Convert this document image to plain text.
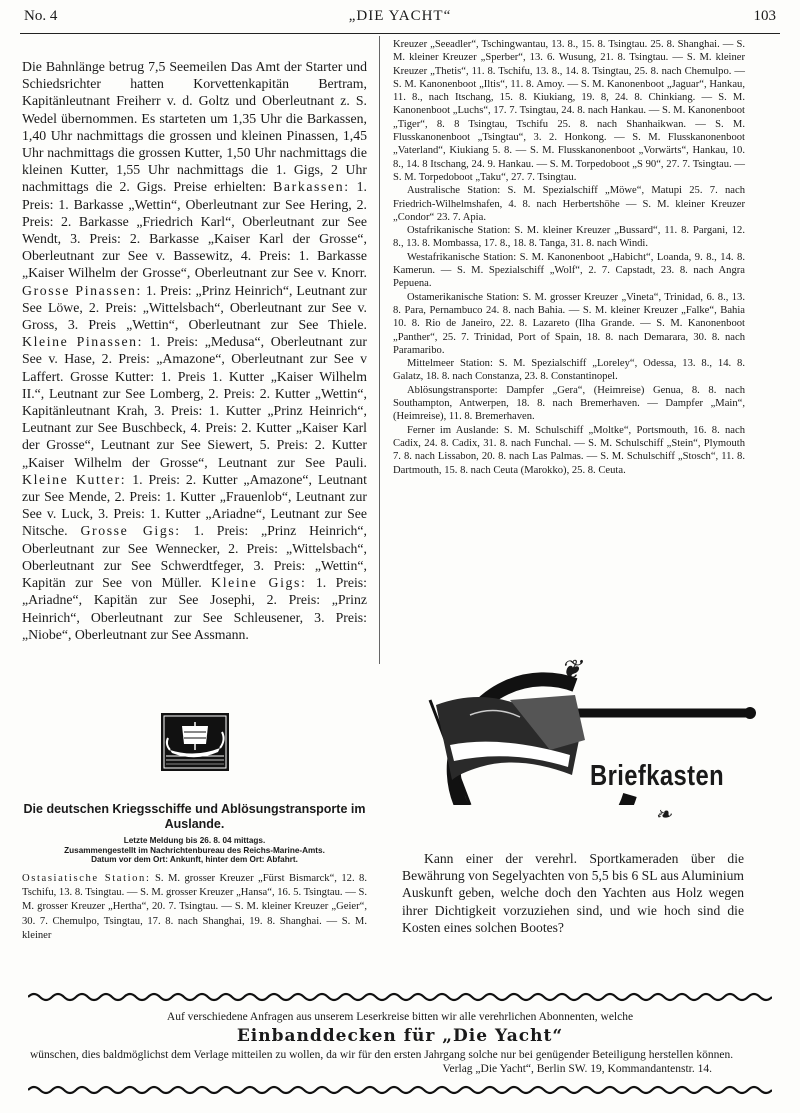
No. 4	„DIE YACHT“	103

Die Bahnlänge betrug 7,5 Seemeilen Das Amt der Starter und Schiedsrichter hatten Korvettenkapitän Bertram, Kapitänleutnant Freiherr v. d. Goltz und Oberleutnant z. S. Wedel übernommen. Es starteten um 1,35 Uhr die Barkassen, 1,40 Uhr nachmittags die grossen und kleinen Pinassen, 1,45 Uhr nachmittags die grossen Kutter, 1,50 Uhr nachmittags die kleinen Kutter, 1,55 Uhr nachmittags die 1. Gigs, 2 Uhr nachmittags die 2. Gigs. Preise erhielten: Barkassen: 1. Preis: 1. Barkasse „Wettin“, Oberleutnant zur See Hering, 2. Preis: 2. Barkasse „Friedrich Karl“, Oberleutnant zur See Wendt, 3. Preis: 2. Barkasse „Kaiser Karl der Grosse“, Oberleutnant zur See v. Bassewitz, 4. Preis: 1. Barkasse „Kaiser Wilhelm der Grosse“, Oberleutnant zur See v. Knorr. Grosse Pinassen: 1. Preis: „Prinz Heinrich“, Leutnant zur See Löwe, 2. Preis: „Wittelsbach“, Oberleutnant zur See v. Gross, 3. Preis „Wettin“, Oberleutnant zur See Thiele. Kleine Pinassen: 1. Preis: „Medusa“, Oberleutnant zur See v. Hase, 2. Preis: „Amazone“, Oberleutnant zur See v Laffert. Grosse Kutter: 1. Preis 1. Kutter „Kaiser Wilhelm II.“, Leutnant zur See Lomberg, 2. Preis: 2. Kutter „Wettin“, Kapitänleutnant Krah, 3. Preis: 1. Kutter „Prinz Heinrich“, Leutnant zur See Buschbeck, 4. Preis: 2. Kutter „Kaiser Karl der Grosse“, Leutnant zur See Siewert, 5. Preis: 2. Kutter „Kaiser Wilhelm der Grosse“, Leutnant zur See Pauli. Kleine Kutter: 1. Preis: 2. Kutter „Amazone“, Leutnant zur See Mende, 2. Preis: 1. Kutter „Frauenlob“, Leutnant zur See v. Luck, 3. Preis: 1. Kutter „Ariadne“, Leutnant zur See Nitsche. Grosse Gigs: 1. Preis: „Prinz Heinrich“, Oberleutnant zur See Wennecker, 2. Preis: „Wittelsbach“, Oberleutnant zur See Schwerdtfeger, 3. Preis: „Wettin“, Kapitän zur See von Müller. Kleine Gigs: 1. Preis: „Ariadne“, Kapitän zur See Josephi, 2. Preis: „Prinz Heinrich“, Oberleutnant zur See Schleusener, 3. Preis: „Niobe“, Oberleutnant zur See Assmann.

Die deutschen Kriegsschiffe und Ablösungstransporte im Auslande.
Letzte Meldung bis 26. 8. 04 mittags.
Zusammengestellt im Nachrichtenbureau des Reichs-Marine-Amts.
Datum vor dem Ort: Ankunft, hinter dem Ort: Abfahrt.

Ostasiatische Station: S. M. grosser Kreuzer „Fürst Bismarck“, 12. 8. Tschifu, 13. 8. Tsingtau. — S. M. grosser Kreuzer „Hansa“, 16. 5. Tsingtau. — S. M. grosser Kreuzer „Hertha“, 20. 7. Tsingtau. — S. M. kleiner Kreuzer „Geier“, 30. 7. Chemulpo, Tsingtau, 17. 8. nach Shanghai, 19. 8. Shanghai. — S. M. kleiner

Kreuzer „Seeadler“, Tschingwantau, 13. 8., 15. 8. Tsingtau. 25. 8. Shanghai. — S. M. kleiner Kreuzer „Sperber“, 13. 6. Wusung, 21. 8. Tsingtau. — S. M. kleiner Kreuzer „Thetis“, 11. 8. Tschifu, 13. 8., 14. 8. Tsingtau, 25. 8. nach Chemulpo. — S. M. Kanonenboot „Iltis“, 11. 8. Amoy. — S. M. Kanonenboot „Jaguar“, Hankau, 11. 8., nach Itschang, 15. 8. Kiukiang, 19. 8, 24. 8. Chinkiang. — S. M. Kanonenboot „Luchs“, 17. 7. Tsingtau, 24. 8. nach Hankau. — S. M. Kanonenboot „Tiger“, 8. 8 Tsingtau, Tschifu 25. 8. nach Shanhaikwan. — S. M. Flusskanonenboot „Tsingtau“, 3. 2. Honkong. — S. M. Flusskanonenboot „Vaterland“, Kiukiang 5. 8. — S. M. Flusskanonenboot „Vorwärts“, Hankau, 10. 8., 14. 8 Itschang, 24. 9. Hankau. — S. M. Torpedoboot „S 90“, 27. 7. Tsingtau. — S. M. Torpedoboot „Taku“, 27. 7. Tsingtau.

Australische Station: S. M. Spezialschiff „Möwe“, Matupi 25. 7. nach Friedrich-Wilhelmshafen, 4. 8. nach Herbertshöhe — S. M. kleiner Kreuzer „Condor“ 23. 7. Apia.

Ostafrikanische Station: S. M. kleiner Kreuzer „Bussard“, 11. 8. Pargani, 12. 8., 13. 8. Mombassa, 17. 8., 18. 8. Tanga, 31. 8. nach Windi.

Westafrikanische Station: S. M. Kanonenboot „Habicht“, Loanda, 9. 8., 14. 8. Kamerun. — S. M. Spezialschiff „Wolf“, 2. 7. Capstadt, 23. 8. nach Angra Pepuena.

Ostamerikanische Station: S. M. grosser Kreuzer „Vineta“, Trinidad, 6. 8., 13. 8. Para, Pernambuco 24. 8. nach Bahia. — S. M. kleiner Kreuzer „Falke“, Bahia 10. 8. Rio de Janeiro, 22. 8. Lazareto (Ilha Grande. — S. M. Kanonenboot „Panther“, 25. 7. Trinidad, Port of Spain, 18. 8. nach Demarara, 30. 8. nach Paramaribo.

Mittelmeer Station: S. M. Spezialschiff „Loreley“, Odessa, 13. 8., 14. 8. Galatz, 18. 8. nach Constanza, 23. 8. Constantinopel.

Ablösungstransporte: Dampfer „Gera“, (Heimreise) Genua, 8. 8. nach Southampton, Antwerpen, 18. 8. nach Bremerhaven. — Dampfer „Main“, (Heimreise), 11. 8. Bremerhaven.

Ferner im Auslande: S. M. Schulschiff „Moltke“, Portsmouth, 16. 8. nach Cadix, 24. 8. Cadix, 31. 8. nach Funchal. — S. M. Schulschiff „Stein“, Plymouth 7. 8. nach Lissabon, 20. 8. nach Las Palmas. — S. M. Schulschiff „Stosch“, 11. 8. Dartmouth, 15. 8. nach Ceuta (Marokko), 25. 8. Ceuta.

❦
Briefkasten
❧

Kann einer der verehrl. Sportkameraden über die Bewährung von Segelyachten von 5,5 bis 6 SL aus Aluminium Auskunft geben, welche doch den Yachten aus Holz wegen ihrer Dichtigkeit vorzuziehen sind, und wie hoch sind die Kosten eines solchen Bootes?

Auf verschiedene Anfragen aus unserem Leserkreise bitten wir alle verehrlichen Abonnenten, welche
Einbanddecken für „Die Yacht“

wünschen, dies baldmöglichst dem Verlage mitteilen zu wollen, da wir für den ersten Jahrgang solche nur bei genügender Beteiligung herstellen können.

Verlag „Die Yacht“, Berlin SW. 19, Kommandantenstr. 14.
